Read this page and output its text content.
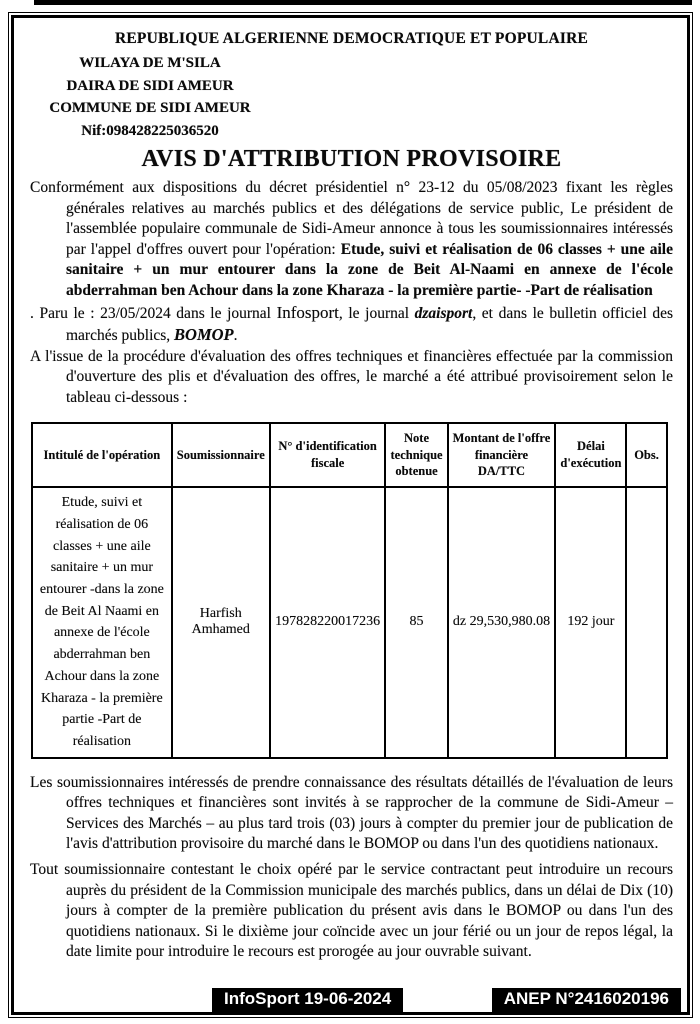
REPUBLIQUE ALGERIENNE DEMOCRATIQUE ET POPULAIRE
WILAYA DE M'SILA
DAIRA DE SIDI AMEUR
COMMUNE DE SIDI AMEUR
Nif:098428225036520
AVIS D'ATTRIBUTION PROVISOIRE
Conformément aux dispositions du décret présidentiel n° 23-12 du 05/08/2023 fixant les règles générales relatives au marchés publics et des délégations de service public, Le président de l'assemblée populaire communale de Sidi-Ameur annonce à tous les soumissionnaires intéressés par l'appel d'offres ouvert pour l'opération: Etude, suivi et réalisation de 06 classes + une aile sanitaire + un mur entourer dans la zone de Beit Al-Naami en annexe de l'école abderrahman ben Achour dans la zone Kharaza - la première partie- -Part de réalisation
. Paru le : 23/05/2024 dans le journal Infosport, le journal dzaisport, et dans le bulletin officiel des marchés publics, BOMOP.
A l'issue de la procédure d'évaluation des offres techniques et financières effectuée par la commission d'ouverture des plis et d'évaluation des offres, le marché a été attribué provisoirement selon le tableau ci-dessous :
Intitulé de l'opération	Soumissionnaire	N° d'identification fiscale	Note technique obtenue	Montant de l'offre financière DA/TTC	Délai d'exécution	Obs.
Etude, suivi et réalisation de 06 classes + une aile sanitaire + un mur entourer -dans la zone de Beit Al Naami en annexe de l'école abderrahman ben Achour dans la zone Kharaza - la première partie -Part de réalisation	Harfish Amhamed	197828220017236	85	dz 29,530,980.08	192 jour	
Les soumissionnaires intéressés de prendre connaissance des résultats détaillés de l'évaluation de leurs offres techniques et financières sont invités à se rapprocher de la commune de Sidi-Ameur – Services des Marchés – au plus tard trois (03) jours à compter du premier jour de publication de l'avis d'attribution provisoire du marché dans le BOMOP ou dans l'un des quotidiens nationaux.
Tout soumissionnaire contestant le choix opéré par le service contractant peut introduire un recours auprès du président de la Commission municipale des marchés publics, dans un délai de Dix (10) jours à compter de la première publication du présent avis dans le BOMOP ou dans l'un des quotidiens nationaux. Si le dixième jour coïncide avec un jour férié ou un jour de repos légal, la date limite pour introduire le recours est prorogée au jour ouvrable suivant.
InfoSport 19-06-2024	ANEP N°2416020196
